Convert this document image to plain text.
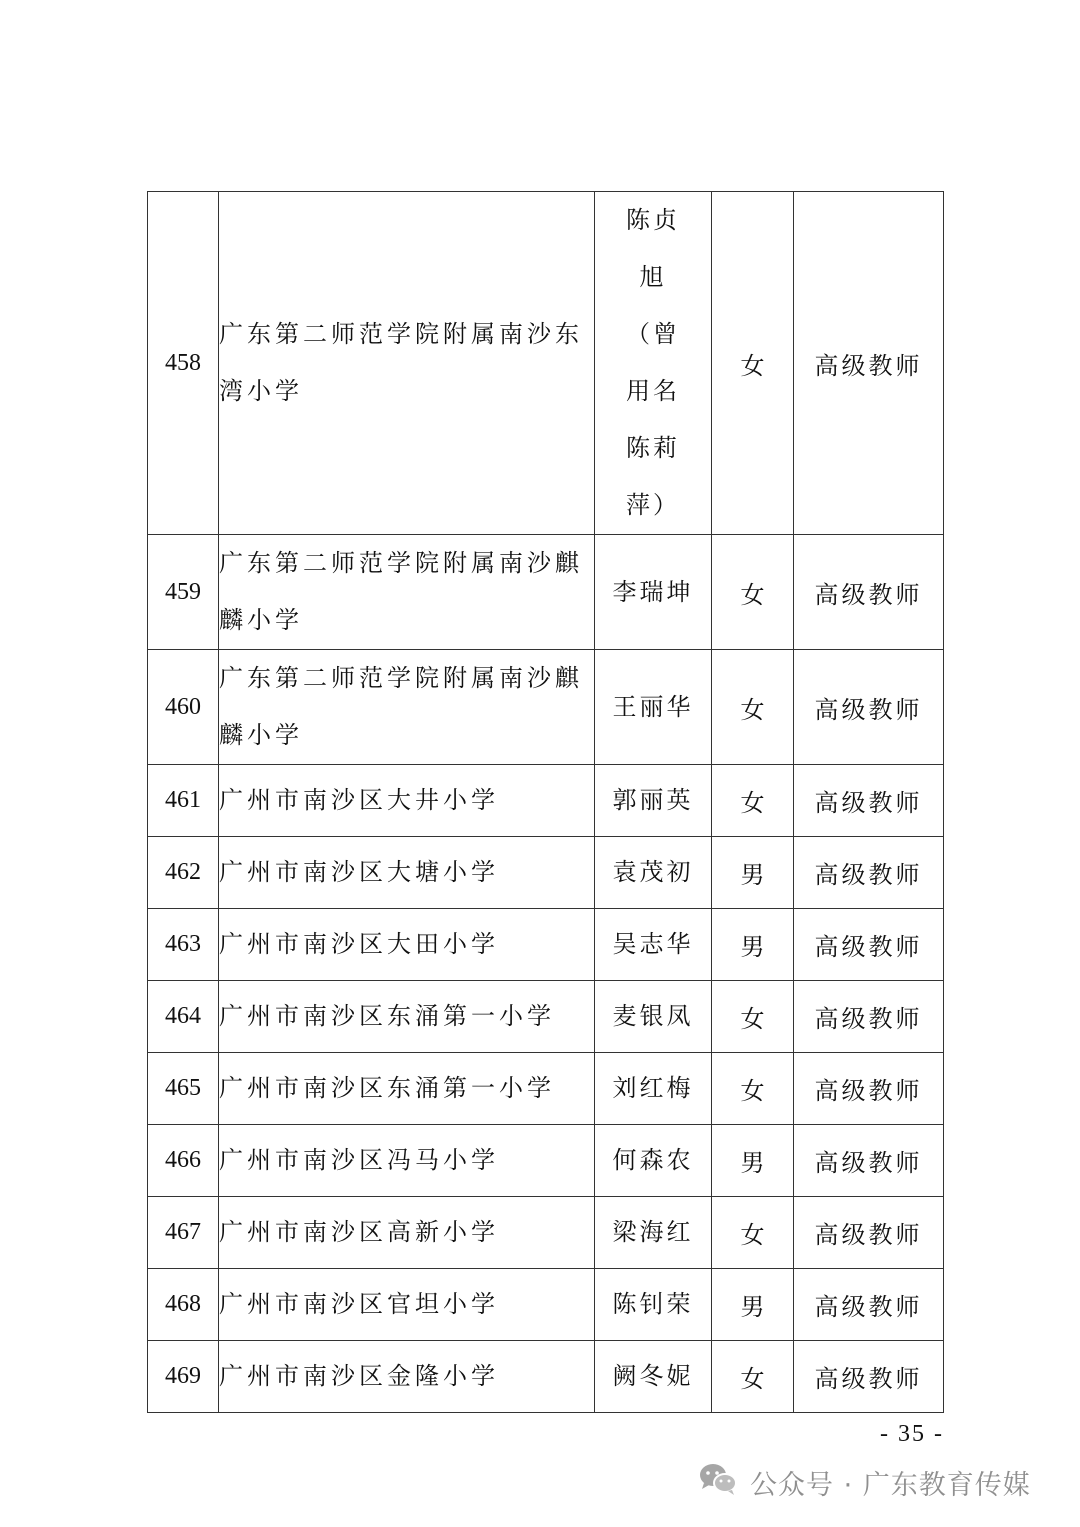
458	广东第二师范学院附属南沙东湾小学	陈贞旭（曾用名陈莉萍）	女	高级教师
459	广东第二师范学院附属南沙麒麟小学	李瑞坤	女	高级教师
460	广东第二师范学院附属南沙麒麟小学	王丽华	女	高级教师
461	广州市南沙区大井小学	郭丽英	女	高级教师
462	广州市南沙区大塘小学	袁茂初	男	高级教师
463	广州市南沙区大田小学	吴志华	男	高级教师
464	广州市南沙区东涌第一小学	麦银凤	女	高级教师
465	广州市南沙区东涌第一小学	刘红梅	女	高级教师
466	广州市南沙区冯马小学	何森农	男	高级教师
467	广州市南沙区高新小学	梁海红	女	高级教师
468	广州市南沙区官坦小学	陈钊荣	男	高级教师
469	广州市南沙区金隆小学	阙冬妮	女	高级教师
- 35 -
公众号 · 广东教育传媒
